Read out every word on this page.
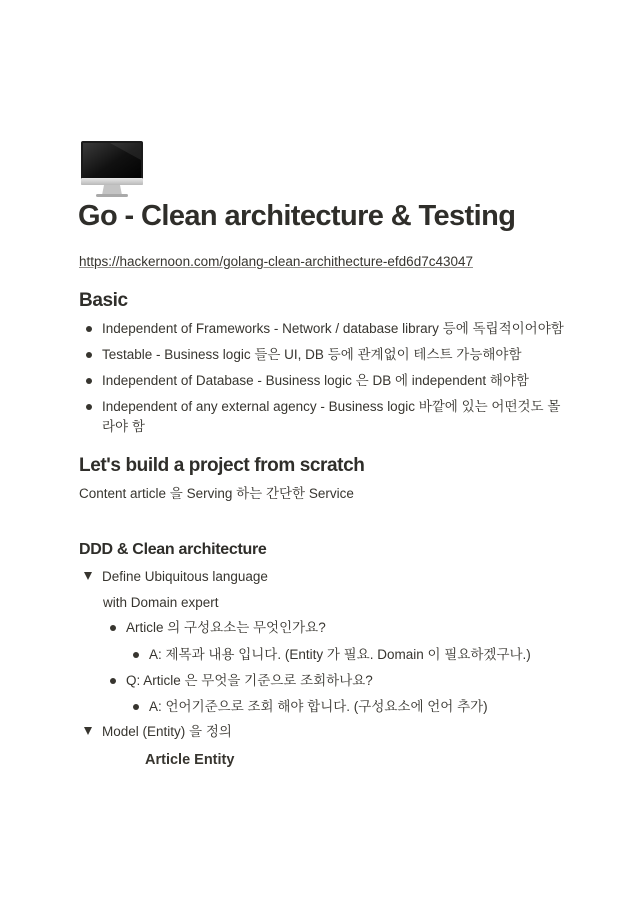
Go - Clean architecture & Testing
https://hackernoon.com/golang-clean-archithecture-efd6d7c43047
Basic
Independent of Frameworks - Network / database library 등에 독립적이어야함
Testable - Business logic 들은 UI, DB 등에 관계없이 테스트 가능해야함
Independent of Database - Business logic 은 DB 에 independent 해야함
Independent of any external agency - Business logic 바깥에 있는 어떤것도 몰라야 함
Let's build a project from scratch
Content article 을 Serving 하는 간단한 Service
DDD & Clean architecture
Define Ubiquitous language
with Domain expert
Article 의 구성요소는 무엇인가요?
A: 제목과 내용 입니다. (Entity 가 필요. Domain 이 필요하겠구나.)
Q: Article 은 무엇을 기준으로 조회하나요?
A: 언어기준으로 조회 해야 합니다. (구성요소에 언어 추가)
Model (Entity) 을 정의
Article Entity
